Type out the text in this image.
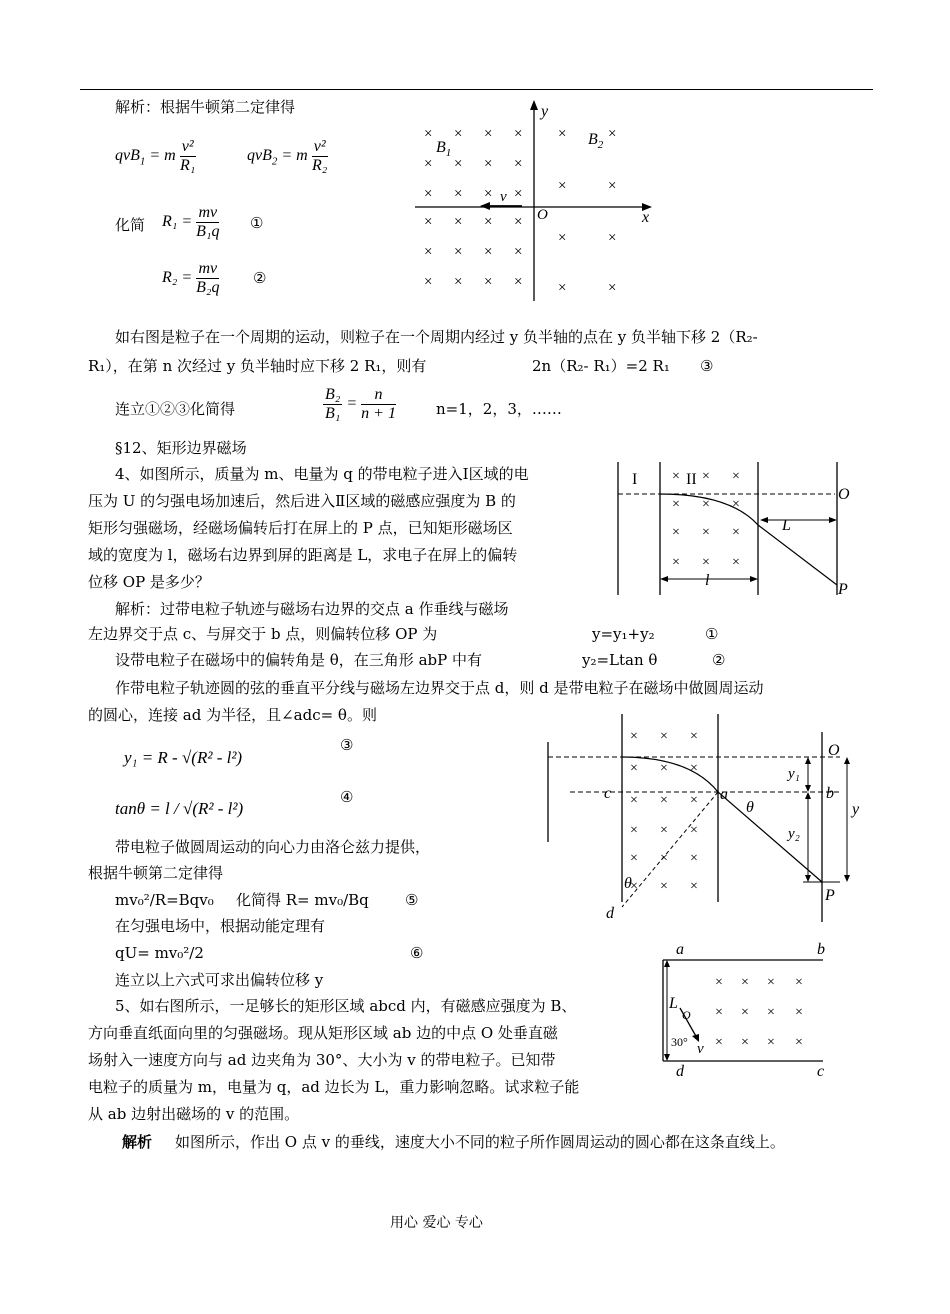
解析：根据牛顿第二定律得
qvB$_1$ = m $\frac{\text{v²}}{\text{R₁}}$	qvB$_2$ = m $\frac{\text{v²}}{\text{R₂}}$
化简 $R_1 = \frac{mv}{\text{B₁q}}$ ①
$R_2 = \frac{mv}{\text{B₂q}}$ ②
y
x
O
$B_1$
$B_2$
v
×
×
×
×
×
×
×
×
×
×
×
×
×
×
×
×
×
×
×
×
×
×
×
×
×	×
×	×
×	×
×	×
如右图是粒子在一个周期的运动，则粒子在一个周期内经过 y 负半轴的点在 y 负半轴下移 2（R₂-
R₁），在第 n 次经过 y 负半轴时应下移 2 R₁，则有	2n（R₂- R₁）=2 R₁ ③
连立①②③化简得	$\frac{\text{B₂}}{\text{B₁}} = \frac{n}{n + 1}$	n=1，2，3，……
§12、矩形边界磁场
4、如图所示，质量为 m、电量为 q 的带电粒子进入Ⅰ区域的电
压为 U 的匀强电场加速后，然后进入Ⅱ区域的磁感应强度为 B 的
矩形匀强磁场，经磁场偏转后打在屏上的 P 点，已知矩形磁场区
域的宽度为 l，磁场右边界到屏的距离是 L，求电子在屏上的偏转
位移 OP 是多少？
I	II
O
L
l
P
×
×
×
×
×
×
×
×
×
×
×
×
解析：过带电粒子轨迹与磁场右边界的交点 a 作垂线与磁场
左边界交于点 c、与屏交于 b 点，则偏转位移 OP 为	y=y₁+y₂	①
设带电粒子在磁场中的偏转角是 θ，在三角形 abP 中有	y₂=Ltan θ	②
作带电粒子轨迹圆的弦的垂直平分线与磁场左边界交于点 d，则 d 是带电粒子在磁场中做圆周运动
的圆心，连接 ad 为半径，且∠adc= θ。则
y₁ = R - √(R² - l²)
③
tanθ = l / √(R² - l²)
④
带电粒子做圆周运动的向心力由洛仑兹力提供，
根据牛顿第二定律得
mv₀²/R=Bqv₀ 化简得 R= mv₀/Bq ⑤
在匀强电场中，根据动能定理有
qU= mv₀²/2	⑥
连立以上六式可求出偏转位移 y
O
c	a	b
y
y₁
y₂
θ
θ
P
d
×
×
×
×
×
×
×
×
×
×
×
×
×
×
×
×
×
×
5、如右图所示，一足够长的矩形区域 abcd 内，有磁感应强度为 B、
方向垂直纸面向里的匀强磁场。现从矩形区域 ab 边的中点 O 处垂直磁
场射入一速度方向与 ad 边夹角为 30°、大小为 v 的带电粒子。已知带
电粒子的质量为 m，电量为 q，ad 边长为 L，重力影响忽略。试求粒子能
从 ab 边射出磁场的 v 的范围。
解析 如图所示，作出 O 点 v 的垂线，速度大小不同的粒子所作圆周运动的圆心都在这条直线上。
a	b
c
d
L
O
v
30°
×
×
×
×
×
×
×
×
×
×
×
×
用心 爱心 专心
